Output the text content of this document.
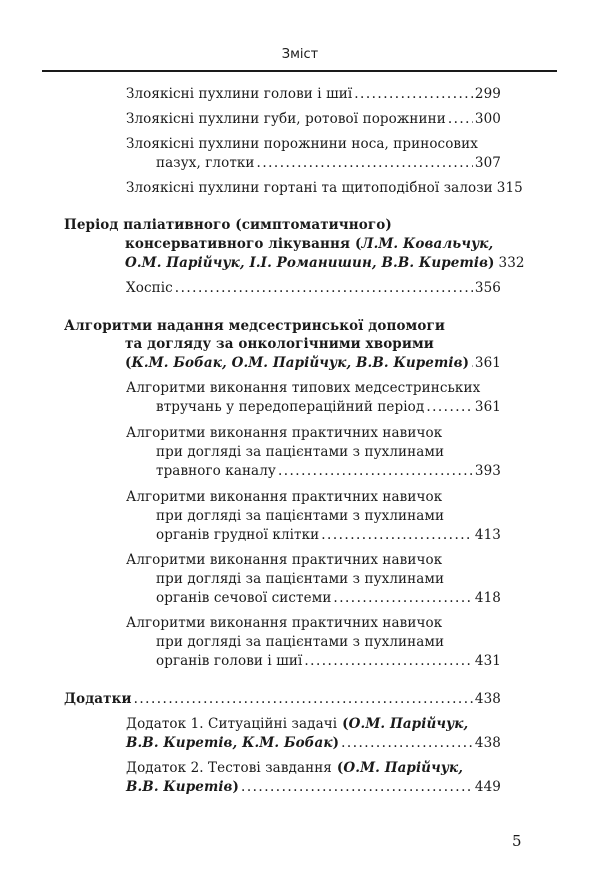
Зміст
Злоякісні пухлини голови і шиї .....	299
Злоякісні пухлини губи, ротової порожнини ..... 300
Злоякісні пухлини порожнини носа, приносових
пазух, глотки .....	307
Злоякісні пухлини гортані та щитоподібної залози 315
Період паліативного (симптоматичного)
консервативного лікування ( Л.М. Ковальчук,
О.М. Парійчук, І.І. Романишин, В.В. Киретів ) 332
Хоспіс .....	356
Алгоритми надання медсестринської допомоги
та догляду за онкологічними хворими
( К.М. Бобак, О.М. Парійчук, В.В. Киретів ) ..... 361
Алгоритми виконання типових медсестринських
втручань у передопераційний період .....	361
Алгоритми виконання практичних навичок
при догляді за пацієнтами з пухлинами
травного каналу .....	393
Алгоритми виконання практичних навичок
при догляді за пацієнтами з пухлинами
органів грудної клітки .....	413
Алгоритми виконання практичних навичок
при догляді за пацієнтами з пухлинами
органів сечової системи .....	418
Алгоритми виконання практичних навичок
при догляді за пацієнтами з пухлинами
органів голови і шиї .....	431
Додатки .....	438
Додаток 1. Ситуаційні задачі ( О.М. Парійчук,
В.В. Киретів, К.М. Бобак ) .....	438
Додаток 2. Тестові завдання ( О.М. Парійчук,
В.В. Киретів ) .....	449
5
